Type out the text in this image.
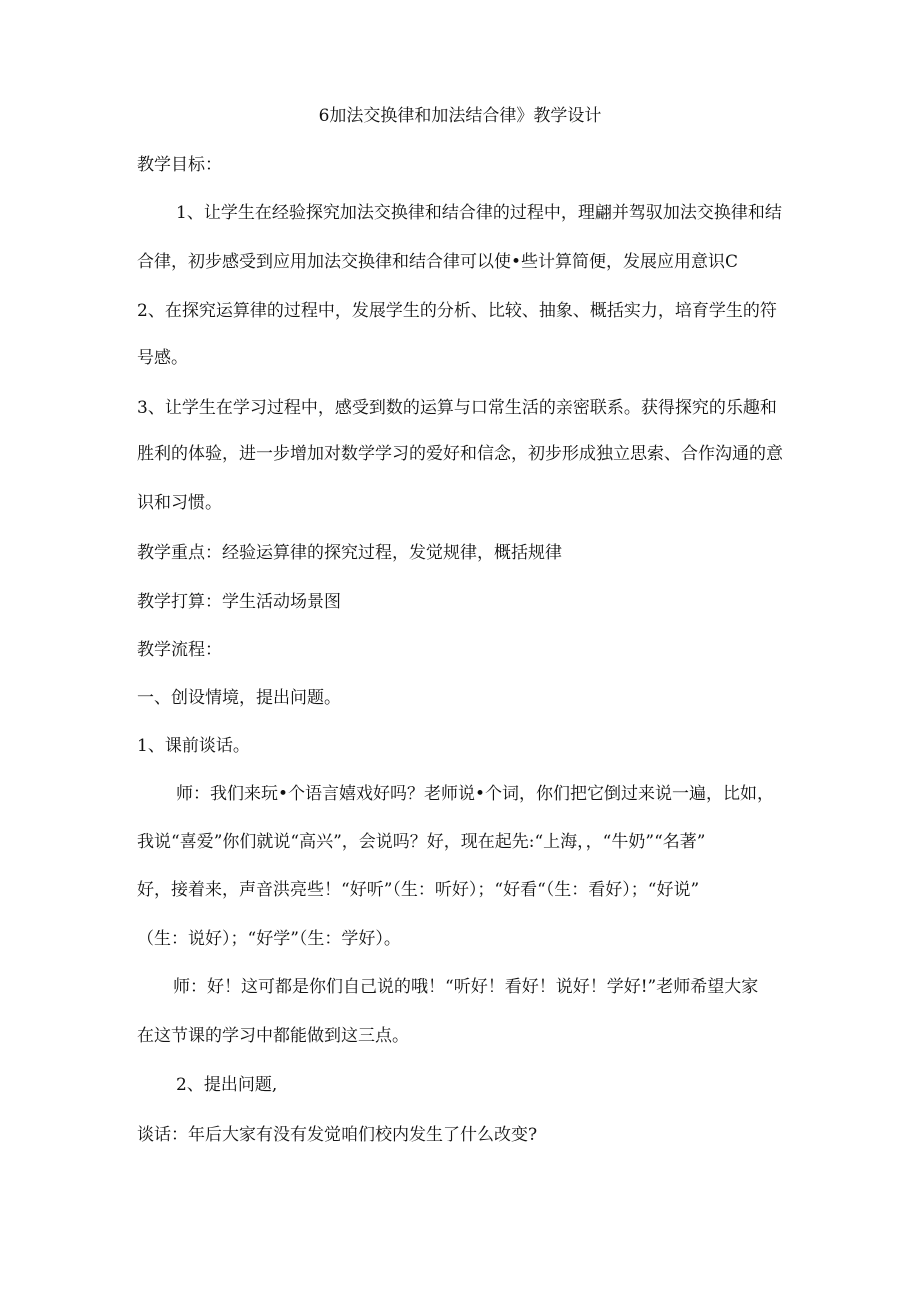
6加法交换律和加法结合律》教学设计
教学目标：
1、让学生在经验探究加法交换律和结合律的过程中，理翩并驾驭加法交换律和结
合律，初步感受到应用加法交换律和结合律可以使•些计算简便，发展应用意识C
2、在探究运算律的过程中，发展学生的分析、比较、抽象、概括实力，培育学生的符
号感。
3、让学生在学习过程中，感受到数的运算与口常生活的亲密联系。获得探究的乐趣和
胜利的体验，进一步增加对数学学习的爱好和信念，初步形成独立思索、合作沟通的意
识和习惯。
教学重点：经验运算律的探究过程，发觉规律，概括规律
教学打算：学生活动场景图
教学流程：
一、创设情境，提出问题。
1、课前谈话。
师：我们来玩•个语言嬉戏好吗？老师说•个词，你们把它倒过来说一遍，比如，
我说“喜爱”你们就说“高兴”，会说吗？好，现在起先:“上海，，“牛奶”“名著”
好，接着来，声音洪亮些！“好听”（生：听好）；“好看“（生：看好）；“好说”
（生：说好）；“好学”（生：学好）。
师：好！这可都是你们自己说的哦！“听好！看好！说好！学好!”老师希望大家
在这节课的学习中都能做到这三点。
2、提出问题,
谈话：年后大家有没有发觉咱们校内发生了什么改变?
